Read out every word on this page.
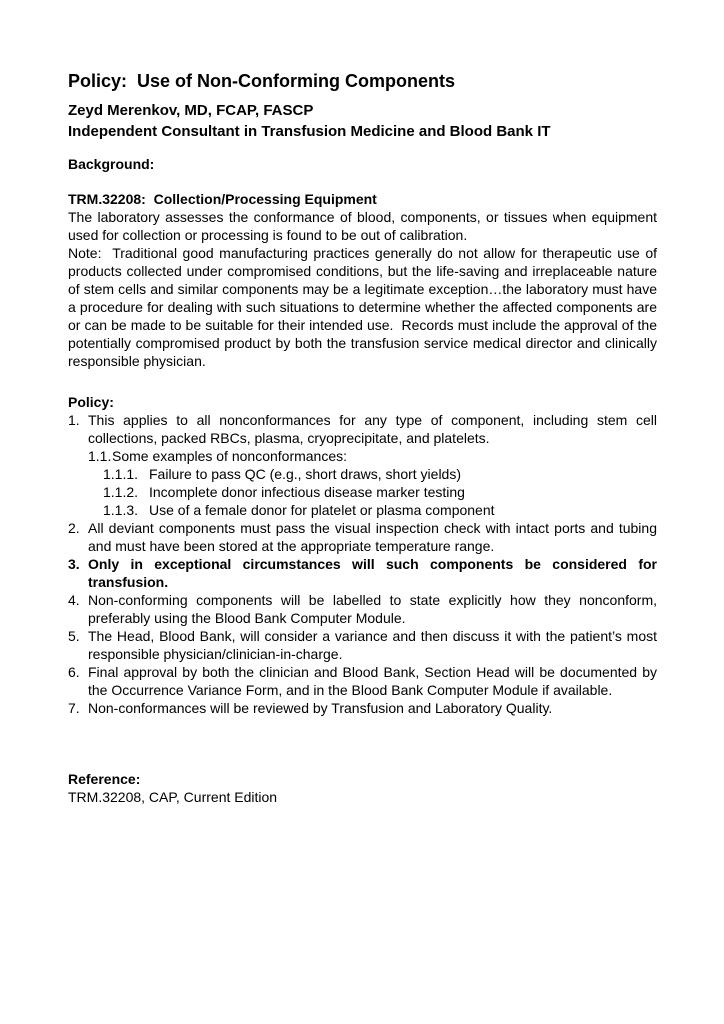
Policy:  Use of Non-Conforming Components

Zeyd Merenkov, MD, FCAP, FASCP

Independent Consultant in Transfusion Medicine and Blood Bank IT

Background:

TRM.32208:  Collection/Processing Equipment

The laboratory assesses the conformance of blood, components, or tissues when equipment used for collection or processing is found to be out of calibration.

Note:  Traditional good manufacturing practices generally do not allow for therapeutic use of products collected under compromised conditions, but the life-saving and irreplaceable nature of stem cells and similar components may be a legitimate exception…the laboratory must have a procedure for dealing with such situations to determine whether the affected components are or can be made to be suitable for their intended use.  Records must include the approval of the potentially compromised product by both the transfusion service medical director and clinically responsible physician.

Policy:

1. This applies to all nonconformances for any type of component, including stem cell collections, packed RBCs, plasma, cryoprecipitate, and platelets.
1.1. Some examples of nonconformances:
1.1.1. Failure to pass QC (e.g., short draws, short yields)
1.1.2. Incomplete donor infectious disease marker testing
1.1.3. Use of a female donor for platelet or plasma component
2. All deviant components must pass the visual inspection check with intact ports and tubing and must have been stored at the appropriate temperature range.
3. Only in exceptional circumstances will such components be considered for transfusion.
4. Non-conforming components will be labelled to state explicitly how they nonconform, preferably using the Blood Bank Computer Module.
5. The Head, Blood Bank, will consider a variance and then discuss it with the patient’s most responsible physician/clinician-in-charge.
6. Final approval by both the clinician and Blood Bank, Section Head will be documented by the Occurrence Variance Form, and in the Blood Bank Computer Module if available.
7. Non-conformances will be reviewed by Transfusion and Laboratory Quality.

Reference:

TRM.32208, CAP, Current Edition
